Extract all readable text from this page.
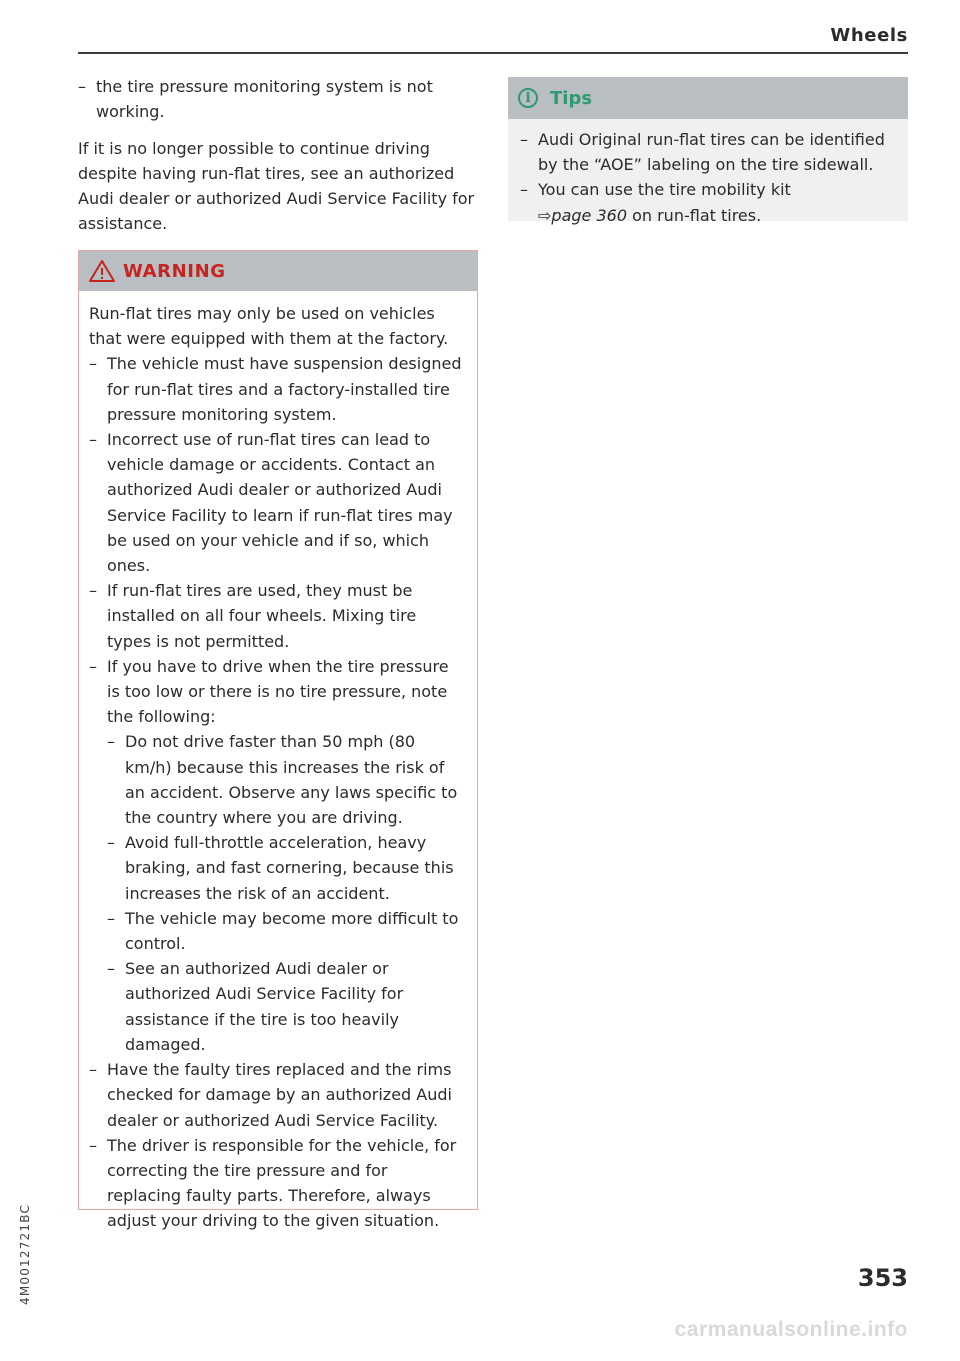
Wheels
– the tire pressure monitoring system is not working.

If it is no longer possible to continue driving despite having run-flat tires, see an authorized Audi dealer or authorized Audi Service Facility for assistance.

WARNING

Run-flat tires may only be used on vehicles that were equipped with them at the factory.

– The vehicle must have suspension designed for run-flat tires and a factory-installed tire pressure monitoring system.
– Incorrect use of run-flat tires can lead to vehicle damage or accidents. Contact an authorized Audi dealer or authorized Audi Service Facility to learn if run-flat tires may be used on your vehicle and if so, which ones.
– If run-flat tires are used, they must be installed on all four wheels. Mixing tire types is not permitted.
– If you have to drive when the tire pressure is too low or there is no tire pressure, note the following:
– Do not drive faster than 50 mph (80 km/h) because this increases the risk of an accident. Observe any laws specific to the country where you are driving.
– Avoid full-throttle acceleration, heavy braking, and fast cornering, because this increases the risk of an accident.
– The vehicle may become more difficult to control.
– See an authorized Audi dealer or authorized Audi Service Facility for assistance if the tire is too heavily damaged.
– Have the faulty tires replaced and the rims checked for damage by an authorized Audi dealer or authorized Audi Service Facility.
– The driver is responsible for the vehicle, for correcting the tire pressure and for replacing faulty parts. Therefore, always adjust your driving to the given situation.
i	Tips
– Audi Original run-flat tires can be identified by the “AOE” labeling on the tire sidewall.
– You can use the tire mobility kit
⇨page 360 on run-flat tires.
4M0012721BC	353
carmanualsonline.info
